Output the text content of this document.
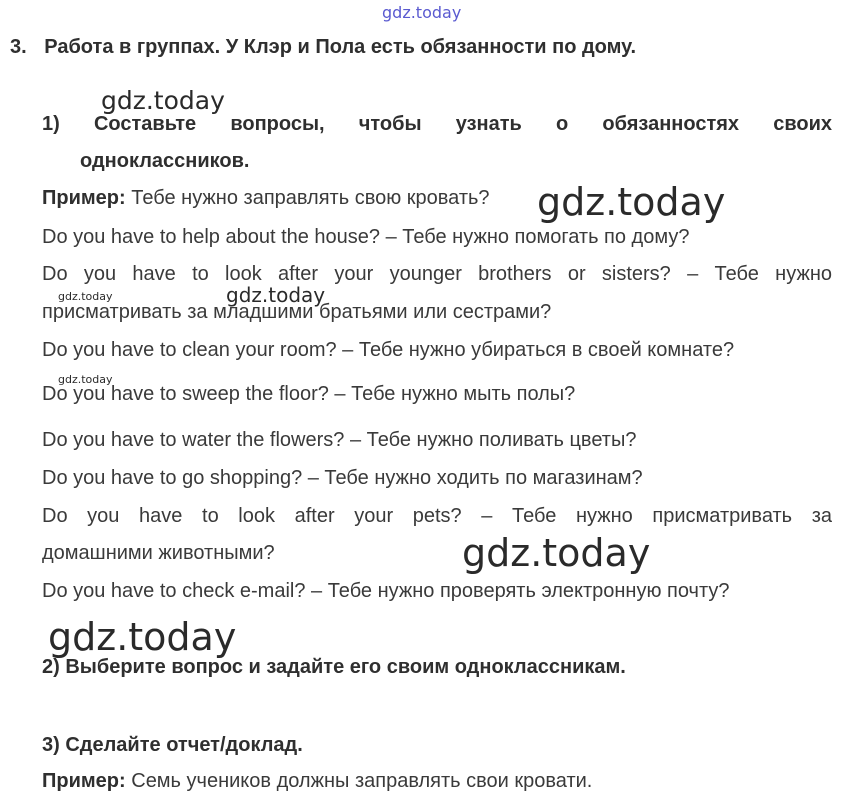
gdz.today
gdz.today
gdz.today
gdz.today
gdz.today
gdz.today
gdz.today
gdz.today
3. Работа в группах. У Клэр и Пола есть обязанности по дому.
1) Составьте вопросы, чтобы узнать о обязанностях своих
одноклассников.
Пример: Тебе нужно заправлять свою кровать?
Do you have to help about the house? – Тебе нужно помогать по дому?
Do you have to look after your younger brothers or sisters? – Тебе нужно
присматривать за младшими братьями или сестрами?
Do you have to clean your room? – Тебе нужно убираться в своей комнате?
Do you have to sweep the floor? – Тебе нужно мыть полы?
Do you have to water the flowers? – Тебе нужно поливать цветы?
Do you have to go shopping? – Тебе нужно ходить по магазинам?
Do you have to look after your pets? – Тебе нужно присматривать за
домашними животными?
Do you have to check e-mail? – Тебе нужно проверять электронную почту?
2) Выберите вопрос и задайте его своим одноклассникам.
3) Сделайте отчет/доклад.
Пример: Семь учеников должны заправлять свои кровати.
